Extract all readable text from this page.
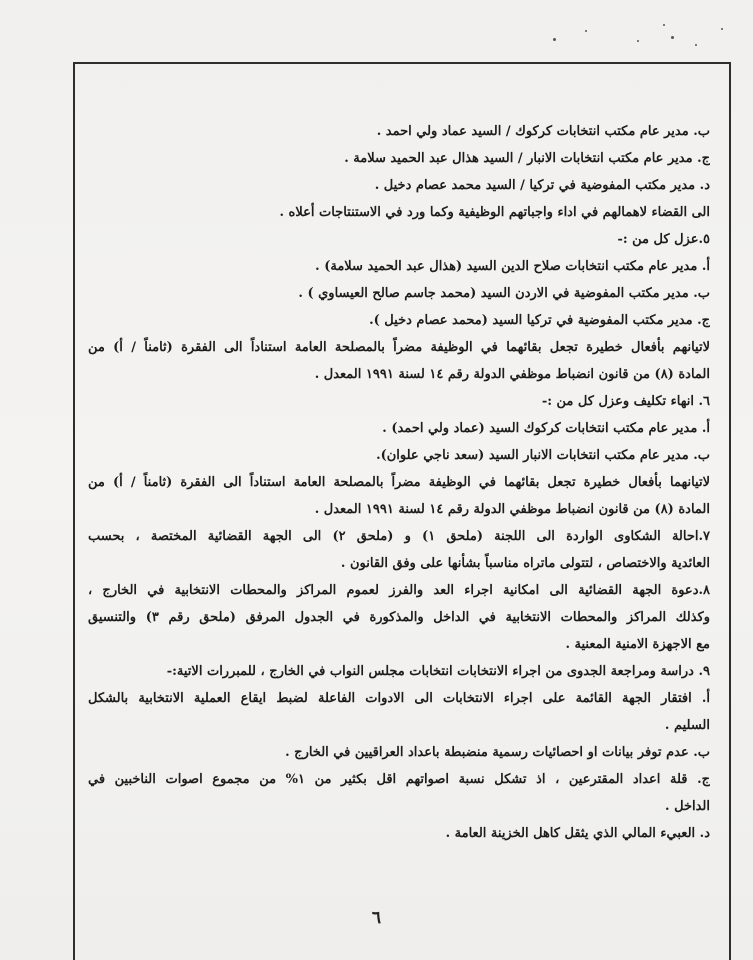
ب. مدير عام مكتب انتخابات كركوك / السيد عماد ولي احمد .
ج. مدير عام مكتب انتخابات الانبار / السيد هذال عبد الحميد سلامة .
د. مدير مكتب المفوضية في تركيا / السيد محمد عصام دخيل .
الى القضاء لاهمالهم في اداء واجباتهم الوظيفية وكما ورد في الاستنتاجات أعلاه .
٥.عزل كل من :-
أ. مدير عام مكتب انتخابات صلاح الدين السيد (هذال عبد الحميد سلامة) .
ب. مدير مكتب المفوضية في الاردن السيد (محمد جاسم صالح العيساوي ) .
ج. مدير مكتب المفوضية في تركيا السيد (محمد عصام دخيل ).
لاتيانهم بأفعال خطيرة تجعل بقائهما في الوظيفة مضراً بالمصلحة العامة استناداً الى الفقرة (ثامناً / أ) من
المادة (٨) من قانون انضباط موظفي الدولة رقم ١٤ لسنة ١٩٩١ المعدل .
٦. انهاء تكليف وعزل كل من :-
أ. مدير عام مكتب انتخابات كركوك السيد (عماد ولي احمد) .
ب. مدير عام مكتب انتخابات الانبار السيد (سعد ناجي علوان).
لاتيانهما بأفعال خطيرة تجعل بقائهما في الوظيفة مضراً بالمصلحة العامة استناداً الى الفقرة (ثامناً / أ) من
المادة (٨) من قانون انضباط موظفي الدولة رقم ١٤ لسنة ١٩٩١ المعدل .
٧.احالة الشكاوى الواردة الى اللجنة (ملحق ١) و (ملحق ٢) الى الجهة القضائية المختصة ، بحسب
العائدية والاختصاص ، لتتولى ماتراه مناسباً بشأنها على وفق القانون .
٨.دعوة الجهة القضائية الى امكانية اجراء العد والفرز لعموم المراكز والمحطات الانتخابية في الخارج ،
وكذلك المراكز والمحطات الانتخابية في الداخل والمذكورة في الجدول المرفق (ملحق رقم ٣) والتنسيق
مع الاجهزة الامنية المعنية .
٩. دراسة ومراجعة الجدوى من اجراء الانتخابات انتخابات مجلس النواب في الخارج ، للمبررات الاتية:-
أ. افتقار الجهة القائمة على اجراء الانتخابات الى الادوات الفاعلة لضبط ايقاع العملية الانتخابية بالشكل
السليم .
ب. عدم توفر بيانات او احصائيات رسمية منضبطة باعداد العراقيين في الخارج .
ج. قلة اعداد المقترعين ، اذ تشكل نسبة اصواتهم اقل بكثير من ١% من مجموع اصوات الناخبين في
الداخل .
د. العبيء المالي الذي يثقل كاهل الخزينة العامة .
٦
